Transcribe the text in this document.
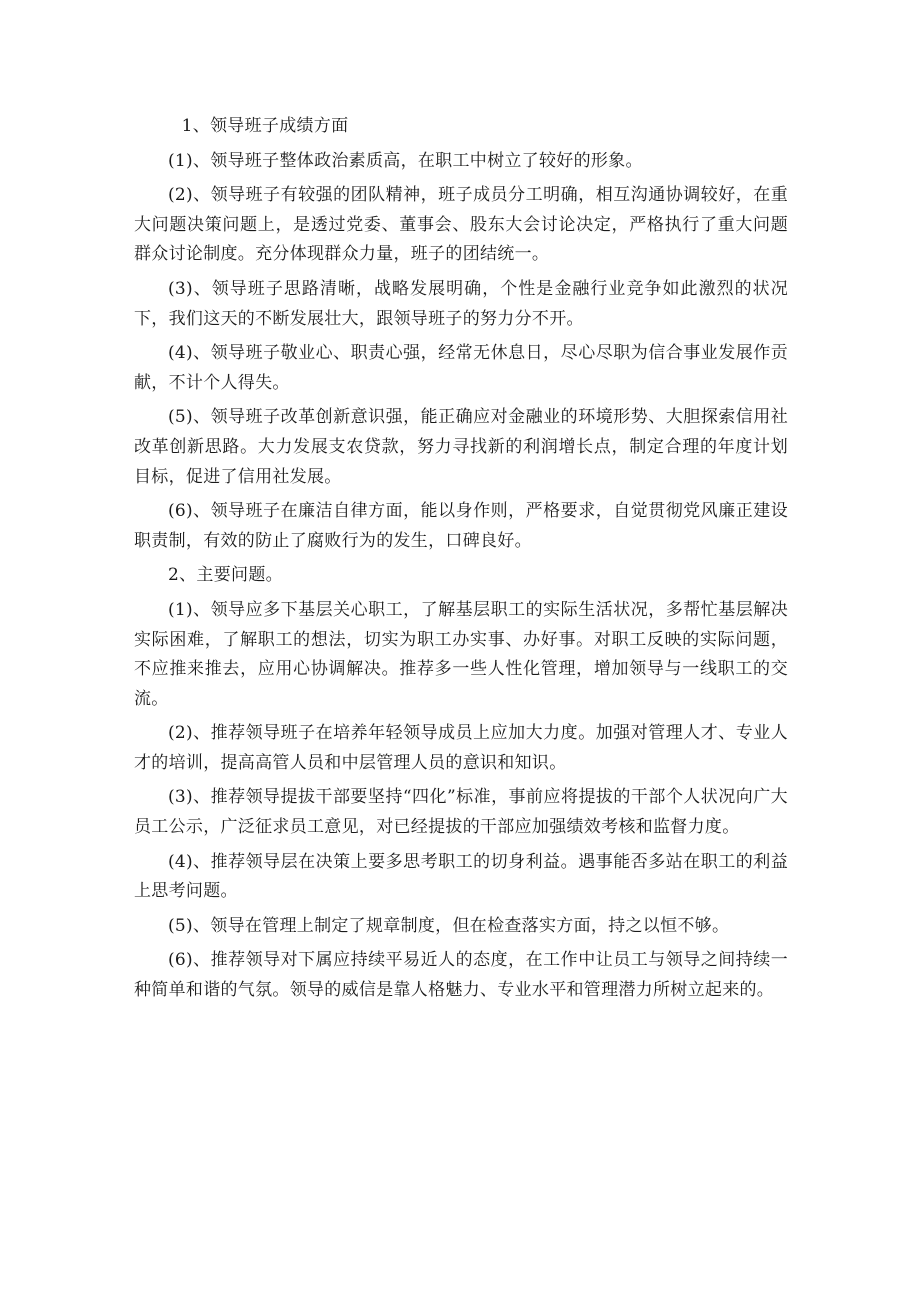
1、领导班子成绩方面

(1)、领导班子整体政治素质高，在职工中树立了较好的形象。

(2)、领导班子有较强的团队精神，班子成员分工明确，相互沟通协调较好，在重大问题决策问题上，是透过党委、董事会、股东大会讨论决定，严格执行了重大问题群众讨论制度。充分体现群众力量，班子的团结统一。

(3)、领导班子思路清晰，战略发展明确，个性是金融行业竞争如此激烈的状况下，我们这天的不断发展壮大，跟领导班子的努力分不开。

(4)、领导班子敬业心、职责心强，经常无休息日，尽心尽职为信合事业发展作贡献，不计个人得失。

(5)、领导班子改革创新意识强，能正确应对金融业的环境形势、大胆探索信用社改革创新思路。大力发展支农贷款，努力寻找新的利润增长点，制定合理的年度计划目标，促进了信用社发展。

(6)、领导班子在廉洁自律方面，能以身作则，严格要求，自觉贯彻党风廉正建设职责制，有效的防止了腐败行为的发生，口碑良好。

2、主要问题。

(1)、领导应多下基层关心职工，了解基层职工的实际生活状况，多帮忙基层解决实际困难，了解职工的想法，切实为职工办实事、办好事。对职工反映的实际问题，不应推来推去，应用心协调解决。推荐多一些人性化管理，增加领导与一线职工的交流。

(2)、推荐领导班子在培养年轻领导成员上应加大力度。加强对管理人才、专业人才的培训，提高高管人员和中层管理人员的意识和知识。

(3)、推荐领导提拔干部要坚持“四化”标准，事前应将提拔的干部个人状况向广大员工公示，广泛征求员工意见，对已经提拔的干部应加强绩效考核和监督力度。

(4)、推荐领导层在决策上要多思考职工的切身利益。遇事能否多站在职工的利益上思考问题。

(5)、领导在管理上制定了规章制度，但在检查落实方面，持之以恒不够。

(6)、推荐领导对下属应持续平易近人的态度，在工作中让员工与领导之间持续一种简单和谐的气氛。领导的威信是靠人格魅力、专业水平和管理潜力所树立起来的。
